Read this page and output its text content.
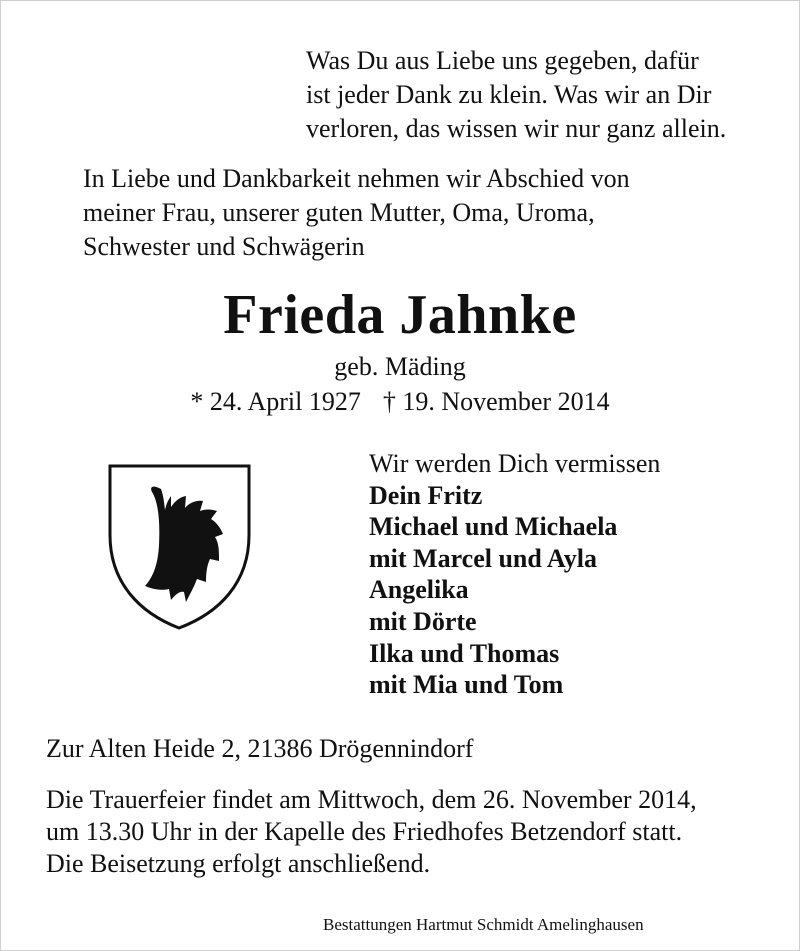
Was Du aus Liebe uns gegeben, dafür
ist jeder Dank zu klein. Was wir an Dir
verloren, das wissen wir nur ganz allein.
In Liebe und Dankbarkeit nehmen wir Abschied von
meiner Frau, unserer guten Mutter, Oma, Uroma,
Schwester und Schwägerin
Frieda Jahnke
geb. Mäding
* 24. April 1927 † 19. November 2014
Wir werden Dich vermissen
Dein Fritz
Michael und Michaela
mit Marcel und Ayla
Angelika
mit Dörte
Ilka und Thomas
mit Mia und Tom
Zur Alten Heide 2, 21386 Drögennindorf
Die Trauerfeier findet am Mittwoch, dem 26. November 2014,
um 13.30 Uhr in der Kapelle des Friedhofes Betzendorf statt.
Die Beisetzung erfolgt anschließend.
Bestattungen Hartmut Schmidt Amelinghausen
